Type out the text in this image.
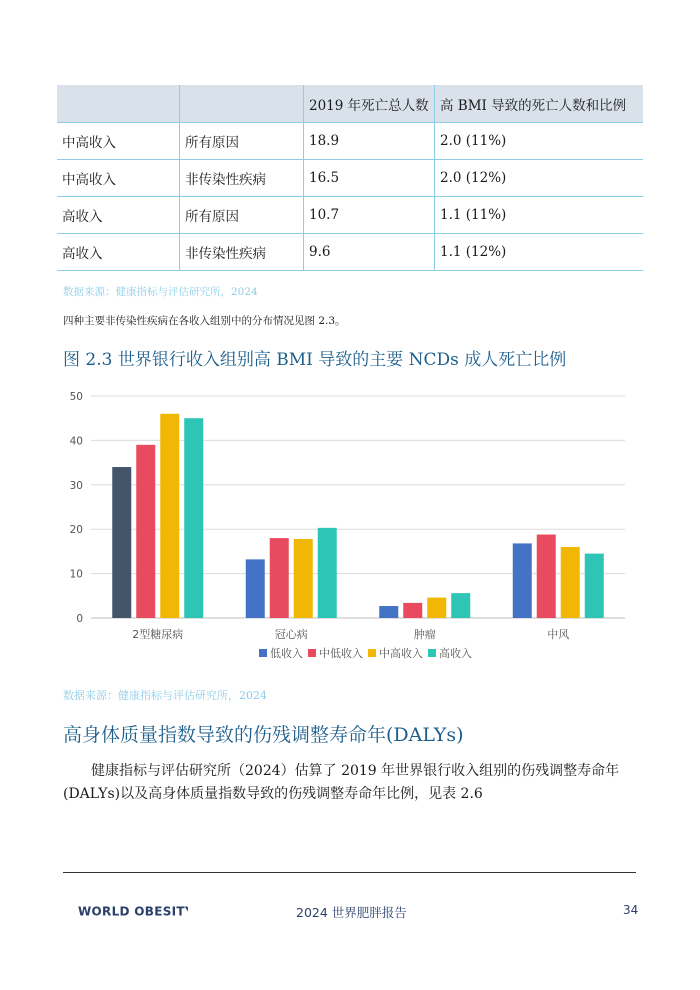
		2019 年死亡总人数	高 BMI 导致的死亡人数和比例
中高收入	所有原因	18.9	2.0 (11%)
中高收入	非传染性疾病	16.5	2.0 (12%)
高收入	所有原因	10.7	1.1 (11%)
高收入	非传染性疾病	9.6	1.1 (12%)
数据来源：健康指标与评估研究所，2024
四种主要非传染性疾病在各收入组别中的分布情况见图 2.3。
图 2.3 世界银行收入组别高 BMI 导致的主要 NCDs 成人死亡比例
0
10
20
30
40
50
2型糖尿病	冠心病	肿瘤	中风
低收入 中低收入 中高收入 高收入
数据来源：健康指标与评估研究所，2024
高身体质量指数导致的伤残调整寿命年(DALYs)
健康指标与评估研究所（2024）估算了 2019 年世界银行收入组别的伤残调整寿命年
(DALYs)以及高身体质量指数导致的伤残调整寿命年比例，见表 2.6
WORLD OBESITY	2024 世界肥胖报告	34
